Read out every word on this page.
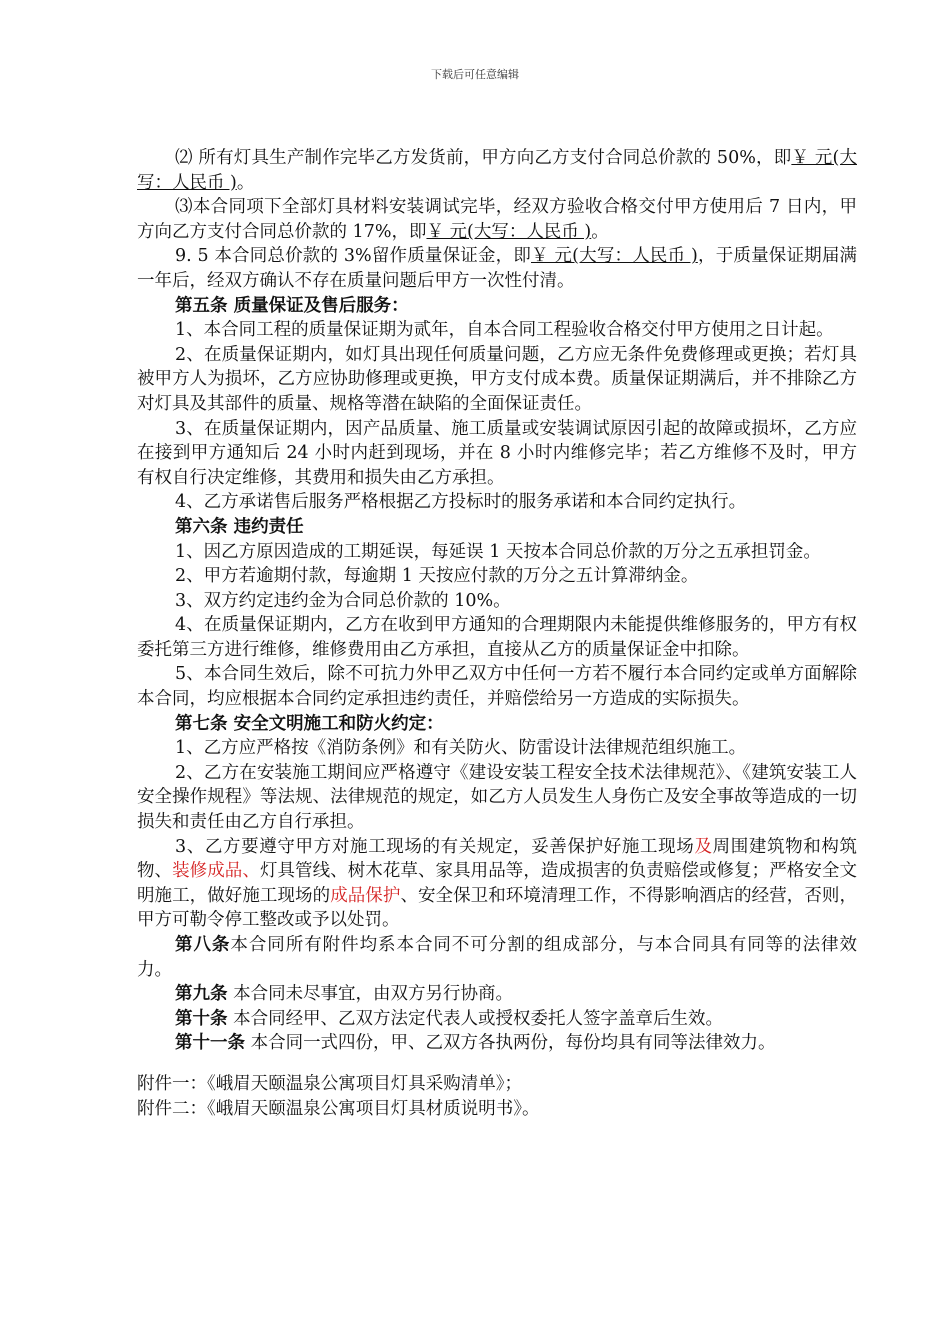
下载后可任意编辑

⑵ 所有灯具生产制作完毕乙方发货前，甲方向乙方支付合同总价款的 50%，即￥ 元(大写：人民币 )。

⑶本合同项下全部灯具材料安装调试完毕，经双方验收合格交付甲方使用后 7 日内，甲方向乙方支付合同总价款的 17%，即￥ 元(大写：人民币 )。

9. 5 本合同总价款的 3%留作质量保证金，即￥ 元(大写：人民币 )，于质量保证期届满一年后，经双方确认不存在质量问题后甲方一次性付清。

第五条 质量保证及售后服务：

1、本合同工程的质量保证期为贰年，自本合同工程验收合格交付甲方使用之日计起。

2、在质量保证期内，如灯具出现任何质量问题，乙方应无条件免费修理或更换；若灯具被甲方人为损坏，乙方应协助修理或更换，甲方支付成本费。质量保证期满后，并不排除乙方对灯具及其部件的质量、规格等潜在缺陷的全面保证责任。

3、在质量保证期内，因产品质量、施工质量或安装调试原因引起的故障或损坏，乙方应在接到甲方通知后 24 小时内赶到现场，并在 8 小时内维修完毕；若乙方维修不及时，甲方有权自行决定维修，其费用和损失由乙方承担。

4、乙方承诺售后服务严格根据乙方投标时的服务承诺和本合同约定执行。

第六条 违约责任

1、因乙方原因造成的工期延误，每延误 1 天按本合同总价款的万分之五承担罚金。

2、甲方若逾期付款，每逾期 1 天按应付款的万分之五计算滞纳金。

3、双方约定违约金为合同总价款的 10%。

4、在质量保证期内，乙方在收到甲方通知的合理期限内未能提供维修服务的，甲方有权委托第三方进行维修，维修费用由乙方承担，直接从乙方的质量保证金中扣除。

5、本合同生效后，除不可抗力外甲乙双方中任何一方若不履行本合同约定或单方面解除本合同，均应根据本合同约定承担违约责任，并赔偿给另一方造成的实际损失。

第七条 安全文明施工和防火约定：

1、乙方应严格按《消防条例》和有关防火、防雷设计法律规范组织施工。

2、乙方在安装施工期间应严格遵守《建设安装工程安全技术法律规范》、《建筑安装工人安全操作规程》等法规、法律规范的规定，如乙方人员发生人身伤亡及安全事故等造成的一切损失和责任由乙方自行承担。

3、乙方要遵守甲方对施工现场的有关规定，妥善保护好施工现场及周围建筑物和构筑物、装修成品、灯具管线、树木花草、家具用品等，造成损害的负责赔偿或修复；严格安全文明施工，做好施工现场的成品保护、安全保卫和环境清理工作，不得影响酒店的经营，否则，甲方可勒令停工整改或予以处罚。

第八条本合同所有附件均系本合同不可分割的组成部分，与本合同具有同等的法律效力。

第九条 本合同未尽事宜，由双方另行协商。

第十条 本合同经甲、乙双方法定代表人或授权委托人签字盖章后生效。

第十一条 本合同一式四份，甲、乙双方各执两份，每份均具有同等法律效力。

附件一：《峨眉天颐温泉公寓项目灯具采购清单》；

附件二：《峨眉天颐温泉公寓项目灯具材质说明书》。
